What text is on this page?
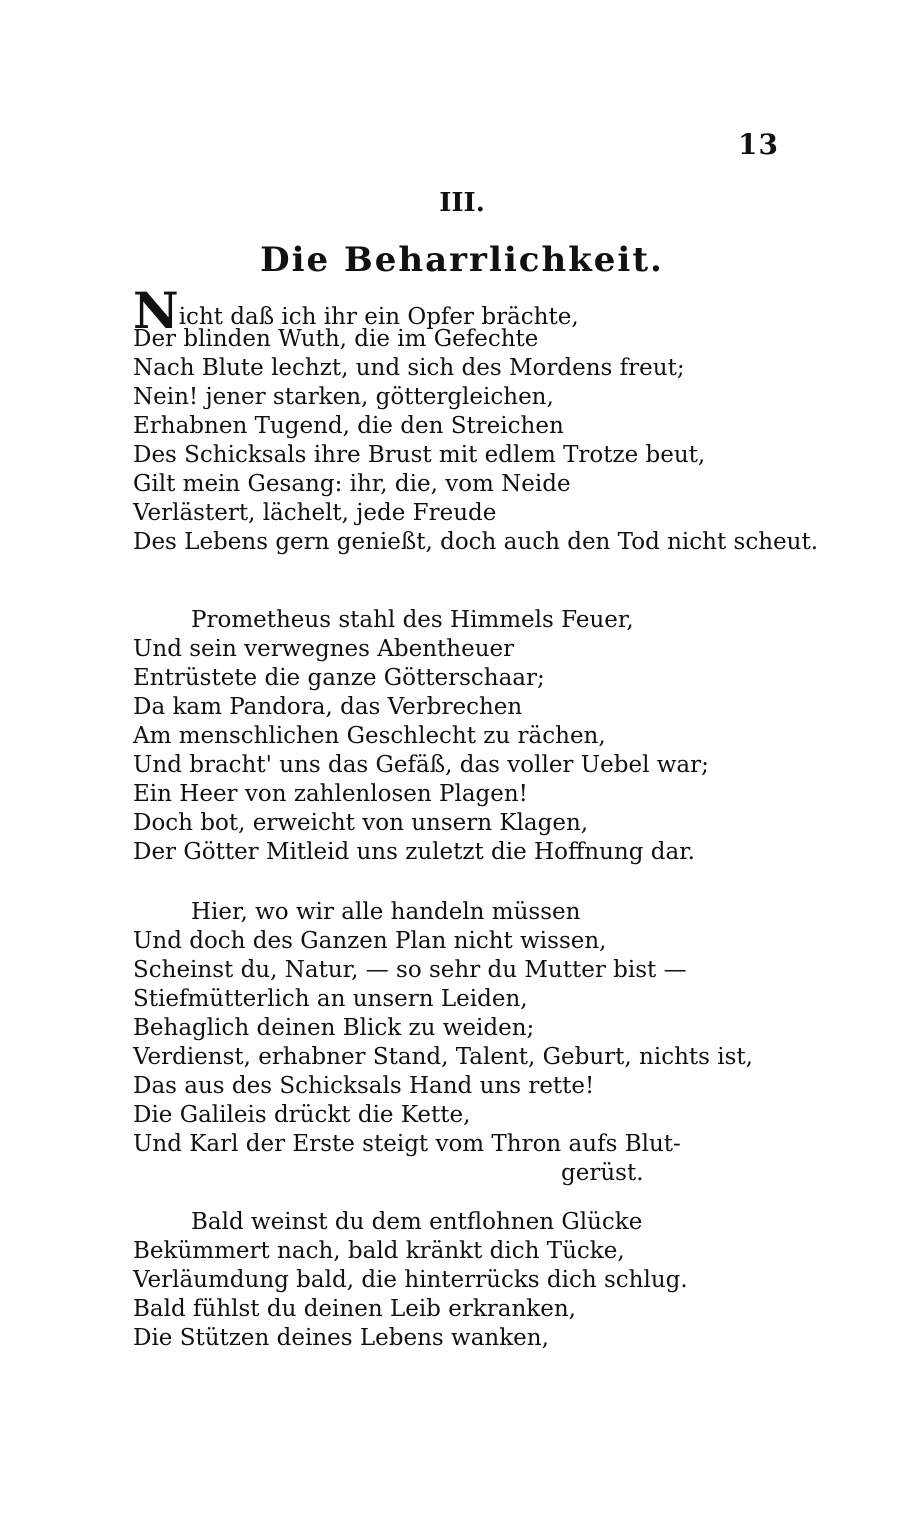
13
III.
Die Beharrlichkeit.
Nicht daß ich ihr ein Opfer brächte,
Der blinden Wuth, die im Gefechte
Nach Blute lechzt, und sich des Mordens freut;
Nein! jener starken, göttergleichen,
Erhabnen Tugend, die den Streichen
Des Schicksals ihre Brust mit edlem Trotze beut,
Gilt mein Gesang: ihr, die, vom Neide
Verlästert, lächelt, jede Freude
Des Lebens gern genießt, doch auch den Tod nicht scheut.
Prometheus stahl des Himmels Feuer,
Und sein verwegnes Abentheuer
Entrüstete die ganze Götterschaar;
Da kam Pandora, das Verbrechen
Am menschlichen Geschlecht zu rächen,
Und bracht' uns das Gefäß, das voller Uebel war;
Ein Heer von zahlenlosen Plagen!
Doch bot, erweicht von unsern Klagen,
Der Götter Mitleid uns zuletzt die Hoffnung dar.
Hier, wo wir alle handeln müssen
Und doch des Ganzen Plan nicht wissen,
Scheinst du, Natur, — so sehr du Mutter bist —
Stiefmütterlich an unsern Leiden,
Behaglich deinen Blick zu weiden;
Verdienst, erhabner Stand, Talent, Geburt, nichts ist,
Das aus des Schicksals Hand uns rette!
Die Galileis drückt die Kette,
Und Karl der Erste steigt vom Thron aufs Blut-
gerüst.
Bald weinst du dem entflohnen Glücke
Bekümmert nach, bald kränkt dich Tücke,
Verläumdung bald, die hinterrücks dich schlug.
Bald fühlst du deinen Leib erkranken,
Die Stützen deines Lebens wanken,
